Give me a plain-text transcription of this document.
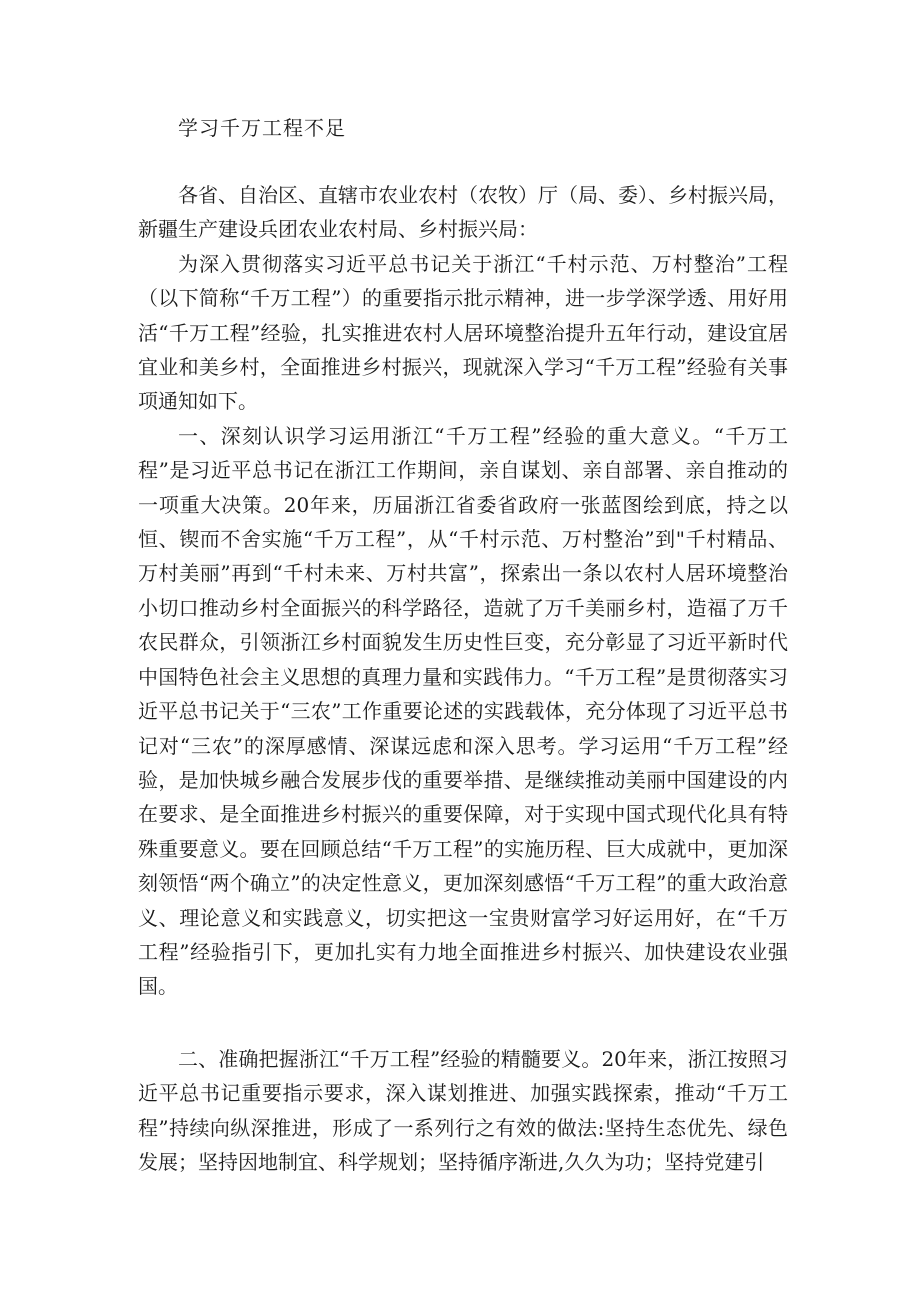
学习千万工程不足

各省、自治区、直辖市农业农村（农牧）厅（局、委）、乡村振兴局，新疆生产建设兵团农业农村局、乡村振兴局：

为深入贯彻落实习近平总书记关于浙江“千村示范、万村整治”工程（以下简称“千万工程”）的重要指示批示精神，进一步学深学透、用好用活“千万工程”经验，扎实推进农村人居环境整治提升五年行动，建设宜居宜业和美乡村，全面推进乡村振兴，现就深入学习“千万工程”经验有关事项通知如下。

一、深刻认识学习运用浙江“千万工程”经验的重大意义。“千万工程”是习近平总书记在浙江工作期间，亲自谋划、亲自部署、亲自推动的一项重大决策。20年来，历届浙江省委省政府一张蓝图绘到底，持之以恒、锲而不舍实施“千万工程”，从“千村示范、万村整治”到"千村精品、万村美丽”再到“千村未来、万村共富”，探索出一条以农村人居环境整治小切口推动乡村全面振兴的科学路径，造就了万千美丽乡村，造福了万千农民群众，引领浙江乡村面貌发生历史性巨变，充分彰显了习近平新时代中国特色社会主义思想的真理力量和实践伟力。“千万工程”是贯彻落实习近平总书记关于“三农”工作重要论述的实践载体，充分体现了习近平总书记对“三农”的深厚感情、深谋远虑和深入思考。学习运用“千万工程”经验，是加快城乡融合发展步伐的重要举措、是继续推动美丽中国建设的内在要求、是全面推进乡村振兴的重要保障，对于实现中国式现代化具有特殊重要意义。要在回顾总结“千万工程”的实施历程、巨大成就中，更加深刻领悟“两个确立”的决定性意义，更加深刻感悟“千万工程”的重大政治意义、理论意义和实践意义，切实把这一宝贵财富学习好运用好，在“千万工程”经验指引下，更加扎实有力地全面推进乡村振兴、加快建设农业强国。

二、准确把握浙江“千万工程”经验的精髓要义。20年来，浙江按照习近平总书记重要指示要求，深入谋划推进、加强实践探索，推动“千万工程”持续向纵深推进，形成了一系列行之有效的做法:坚持生态优先、绿色发展；坚持因地制宜、科学规划；坚持循序渐进,久久为功；坚持党建引
